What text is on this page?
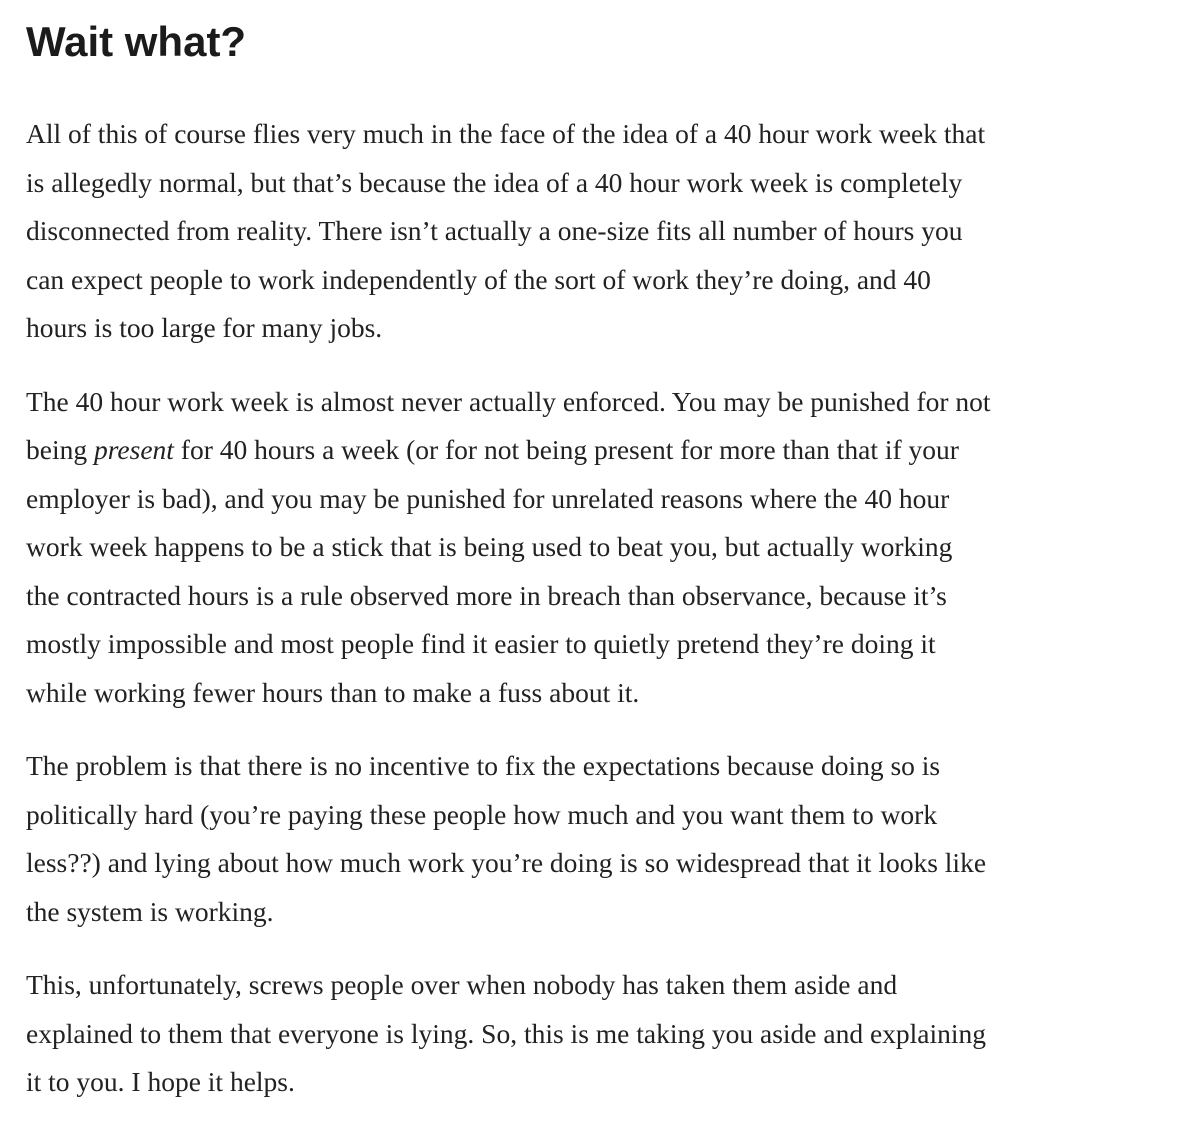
Wait what?

All of this of course flies very much in the face of the idea of a 40 hour work week that
is allegedly normal, but that’s because the idea of a 40 hour work week is completely
disconnected from reality. There isn’t actually a one-size fits all number of hours you
can expect people to work independently of the sort of work they’re doing, and 40
hours is too large for many jobs.

The 40 hour work week is almost never actually enforced. You may be punished for not
being present for 40 hours a week (or for not being present for more than that if your
employer is bad), and you may be punished for unrelated reasons where the 40 hour
work week happens to be a stick that is being used to beat you, but actually working
the contracted hours is a rule observed more in breach than observance, because it’s
mostly impossible and most people find it easier to quietly pretend they’re doing it
while working fewer hours than to make a fuss about it.

The problem is that there is no incentive to fix the expectations because doing so is
politically hard (you’re paying these people how much and you want them to work
less??) and lying about how much work you’re doing is so widespread that it looks like
the system is working.

This, unfortunately, screws people over when nobody has taken them aside and
explained to them that everyone is lying. So, this is me taking you aside and explaining
it to you. I hope it helps.
